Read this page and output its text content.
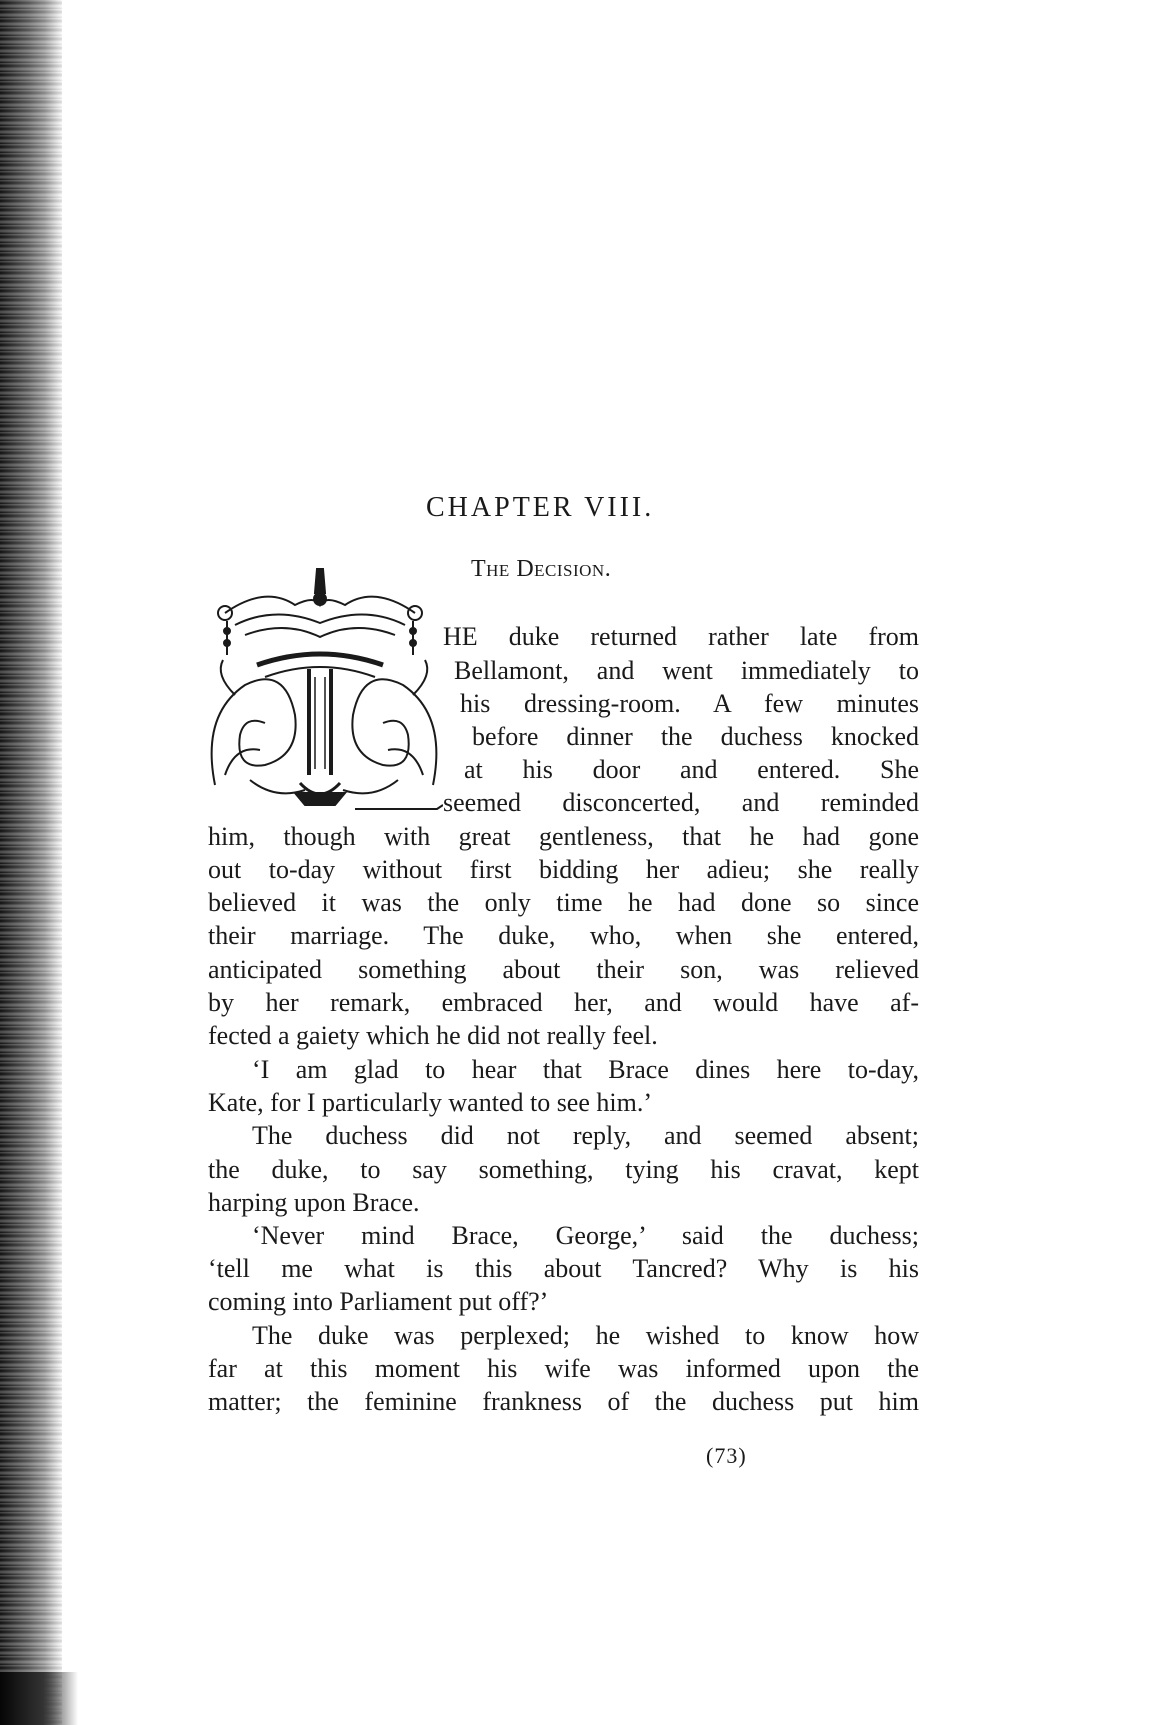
CHAPTER VIII.
The Decision.
HE duke returned rather late from
Bellamont, and went immediately to
his dressing-room. A few minutes
before dinner the duchess knocked
at his door and entered. She
seemed disconcerted, and reminded
him, though with great gentleness, that he had gone
out to-day without first bidding her adieu; she really
believed it was the only time he had done so since
their marriage. The duke, who, when she entered,
anticipated something about their son, was relieved
by her remark, embraced her, and would have af-
fected a gaiety which he did not really feel.
‘I am glad to hear that Brace dines here to-day,
Kate, for I particularly wanted to see him.’
The duchess did not reply, and seemed absent;
the duke, to say something, tying his cravat, kept
harping upon Brace.
‘Never mind Brace, George,’ said the duchess;
‘tell me what is this about Tancred? Why is his
coming into Parliament put off?’
The duke was perplexed; he wished to know how
far at this moment his wife was informed upon the
matter; the feminine frankness of the duchess put him
(73)
